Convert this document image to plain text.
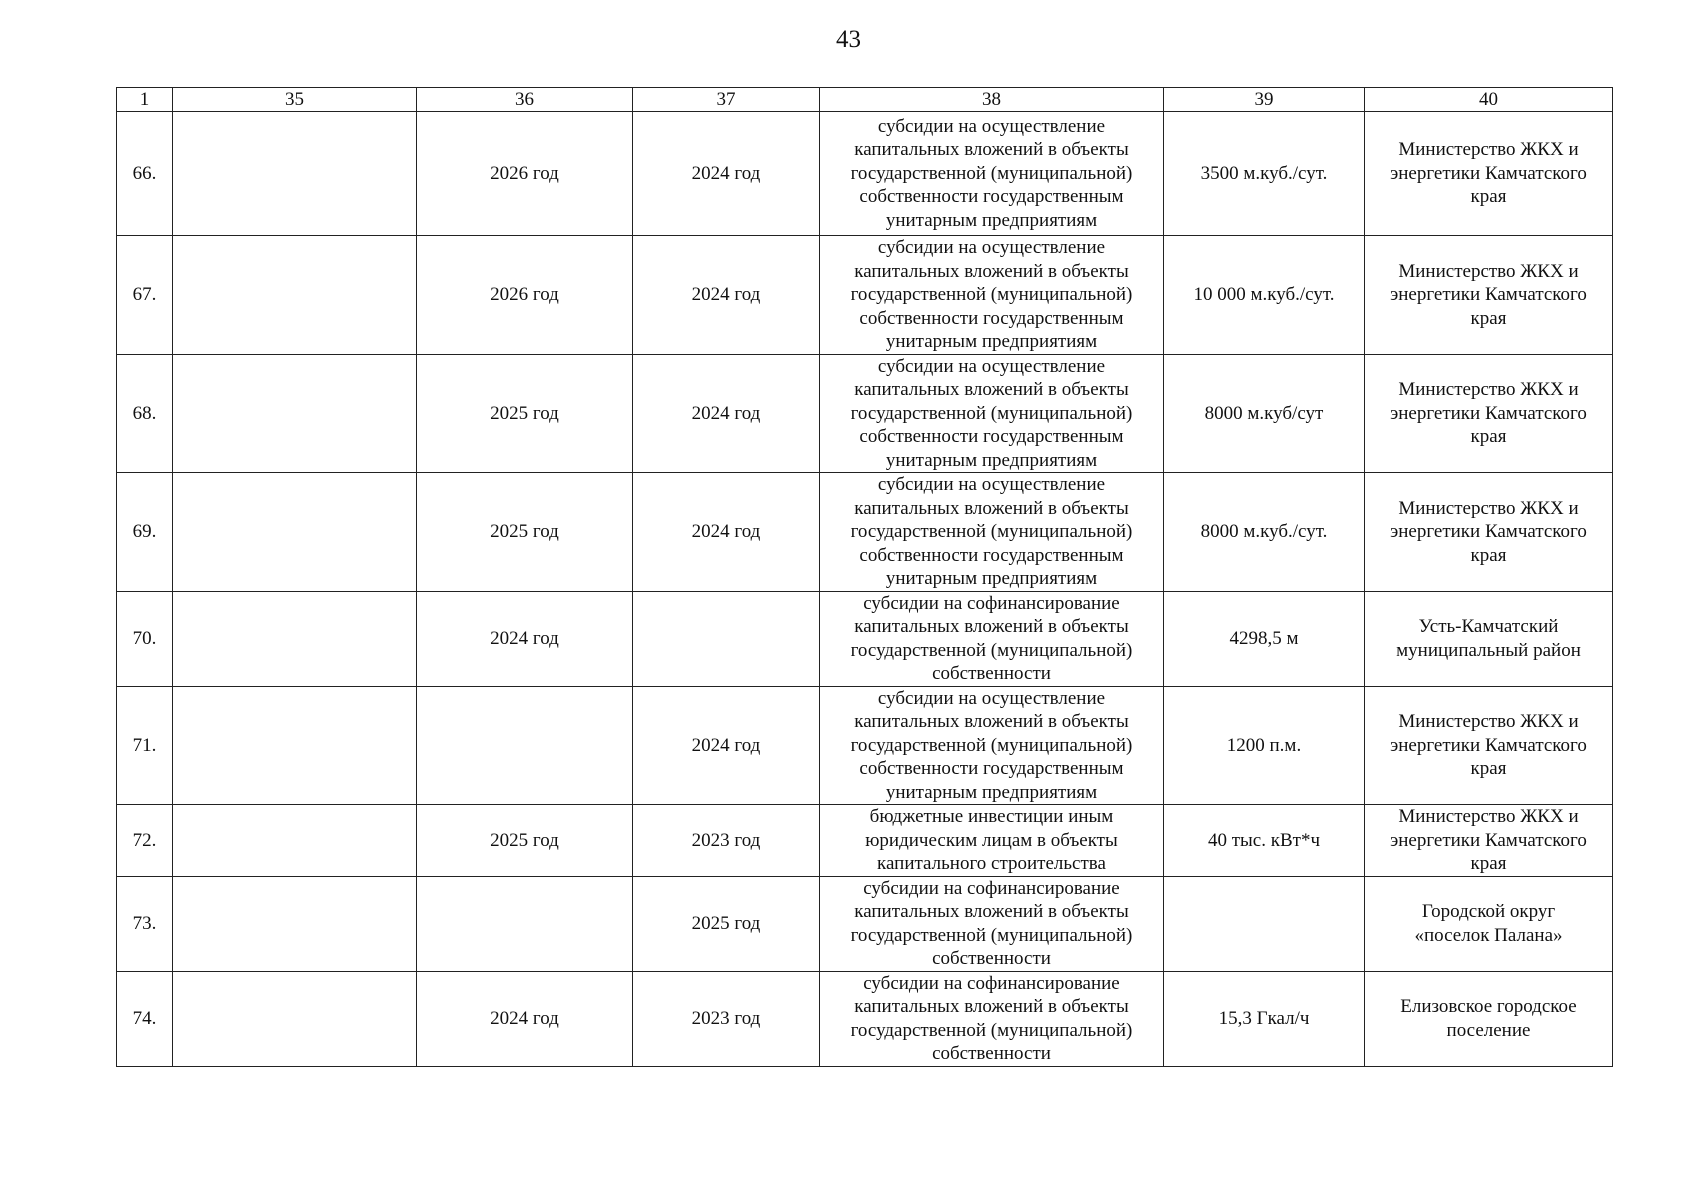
43
1	35	36	37	38	39	40
66.		2026 год	2024 год	субсидии на осуществление
капитальных вложений в объекты
государственной (муниципальной)
собственности государственным
унитарным предприятиям	3500 м.куб./сут.	Министерство ЖКХ и
энергетики Камчатского
края
67.		2026 год	2024 год	субсидии на осуществление
капитальных вложений в объекты
государственной (муниципальной)
собственности государственным
унитарным предприятиям	10 000 м.куб./сут.	Министерство ЖКХ и
энергетики Камчатского
края
68.		2025 год	2024 год	субсидии на осуществление
капитальных вложений в объекты
государственной (муниципальной)
собственности государственным
унитарным предприятиям	8000 м.куб/сут	Министерство ЖКХ и
энергетики Камчатского
края
69.		2025 год	2024 год	субсидии на осуществление
капитальных вложений в объекты
государственной (муниципальной)
собственности государственным
унитарным предприятиям	8000 м.куб./сут.	Министерство ЖКХ и
энергетики Камчатского
края
70.		2024 год		субсидии на софинансирование
капитальных вложений в объекты
государственной (муниципальной)
собственности	4298,5 м	Усть-Камчатский
муниципальный район
71.			2024 год	субсидии на осуществление
капитальных вложений в объекты
государственной (муниципальной)
собственности государственным
унитарным предприятиям	1200 п.м.	Министерство ЖКХ и
энергетики Камчатского
края
72.		2025 год	2023 год	бюджетные инвестиции иным
юридическим лицам в объекты
капитального строительства	40 тыс. кВт*ч	Министерство ЖКХ и
энергетики Камчатского
края
73.			2025 год	субсидии на софинансирование
капитальных вложений в объекты
государственной (муниципальной)
собственности		Городской округ
«поселок Палана»
74.		2024 год	2023 год	субсидии на софинансирование
капитальных вложений в объекты
государственной (муниципальной)
собственности	15,3 Гкал/ч	Елизовское городское
поселение
